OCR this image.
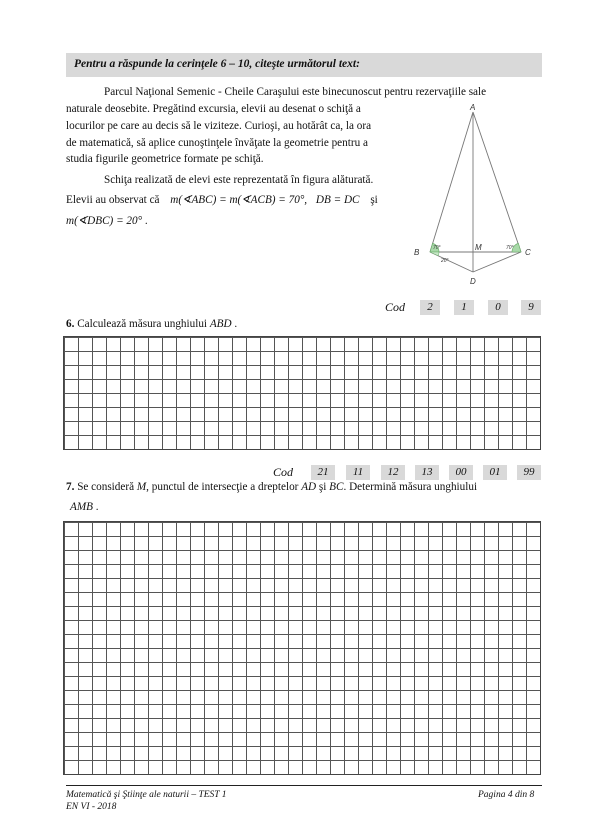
Pentru a răspunde la cerinţele 6 – 10, citeşte următorul text:
Parcul Naţional Semenic - Cheile Caraşului este binecunoscut pentru rezervaţiile sale
naturale deosebite. Pregătind excursia, elevii au desenat o schiţă a
locurilor pe care au decis să le viziteze. Curioşi, au hotărât ca, la ora
de matematică, să aplice cunoştinţele învăţate la geometrie pentru a
studia figurile geometrice formate pe schiţă.
Schiţa realizată de elevi este reprezentată în figura alăturată.
Elevii au observat că m(∢ABC) = m(∢ACB) = 70°, DB = DC şi
m(∢DBC) = 20° .
A
B	C
D
M
70°	70°
20°
Cod	2	1	0	9
6. Calculează măsura unghiului ABD .
Cod	21	11	12	13	00	01	99
7. Se consideră M, punctul de intersecţie a dreptelor AD şi BC. Determină măsura unghiului
AMB .
Matematică şi Ştiinţe ale naturii – TEST 1
EN VI - 2018
Pagina 4 din 8
